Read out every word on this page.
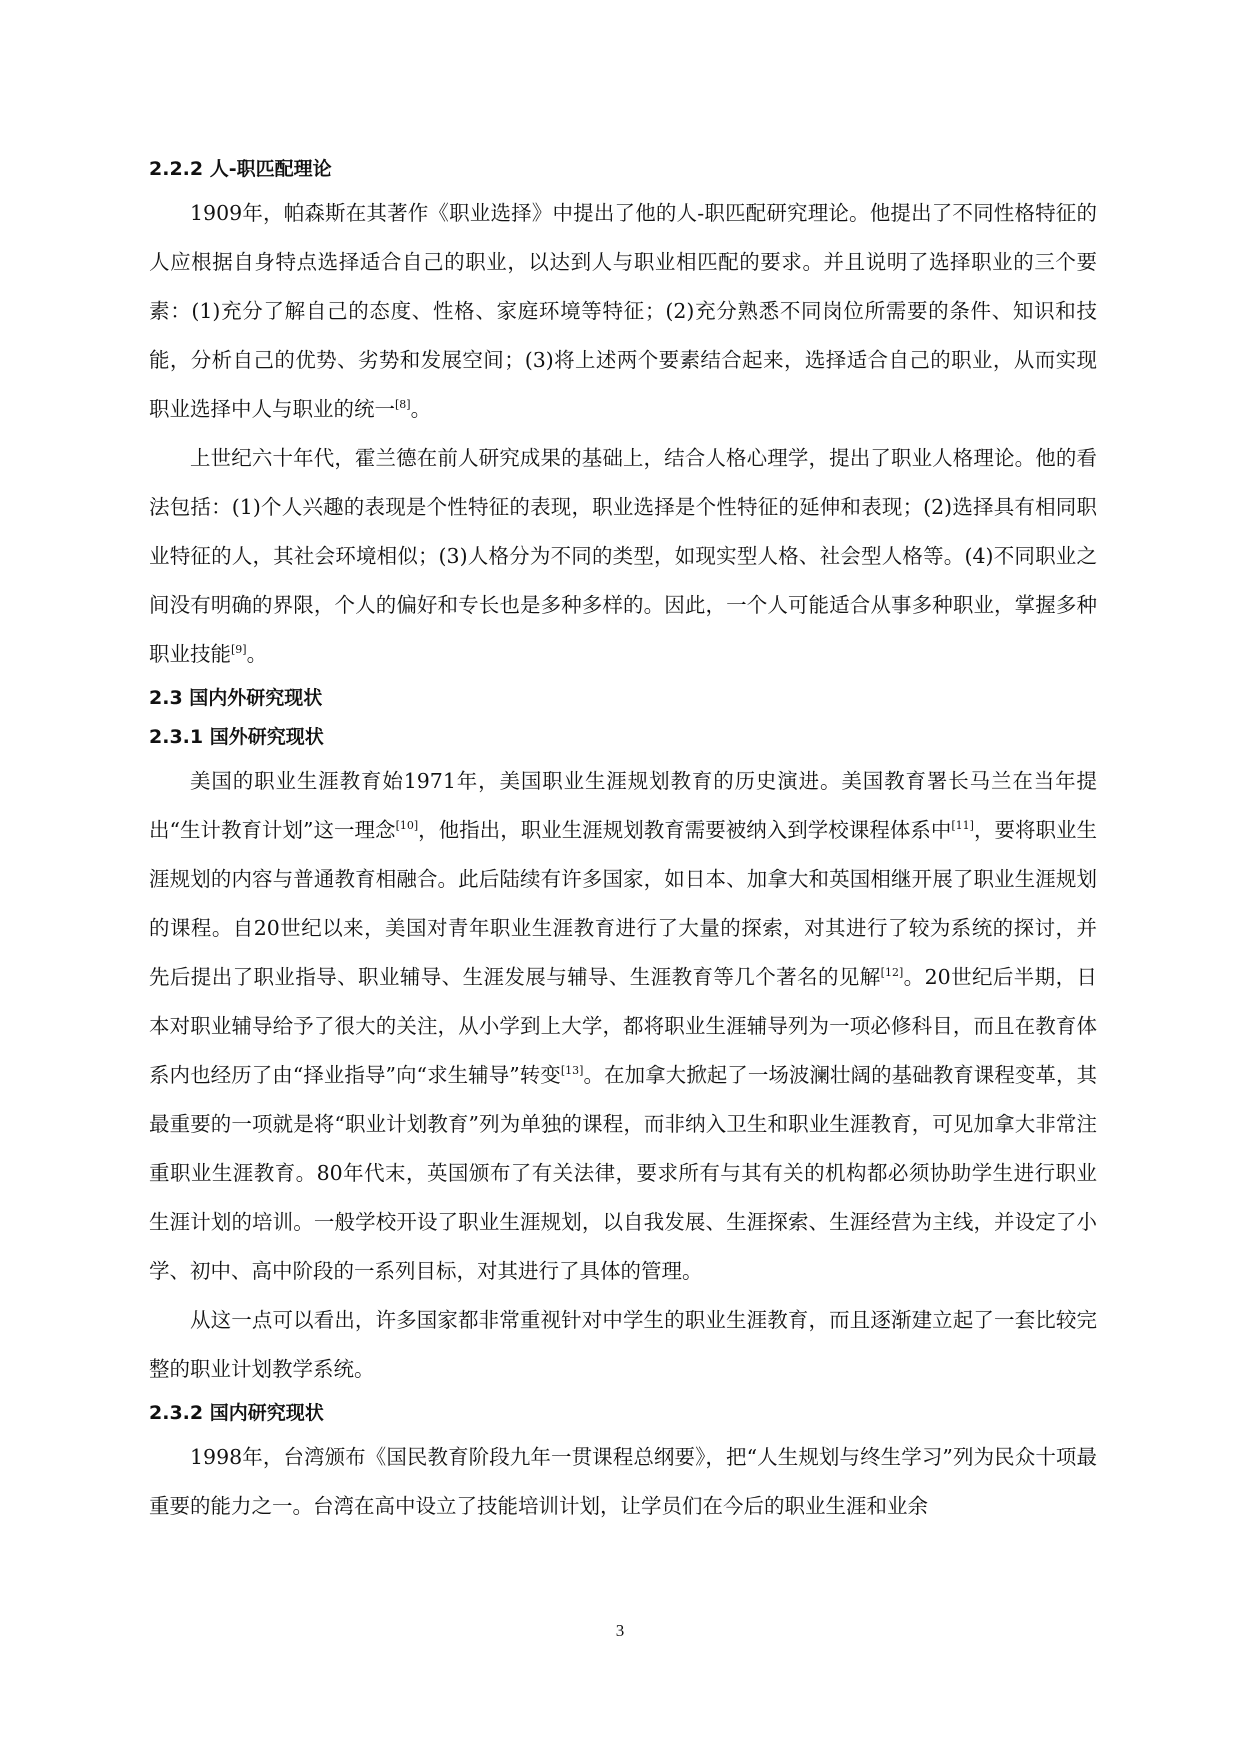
2.2.2 人-职匹配理论

1909年，帕森斯在其著作《职业选择》中提出了他的人-职匹配研究理论。他提出了不同性格特征的人应根据自身特点选择适合自己的职业，以达到人与职业相匹配的要求。并且说明了选择职业的三个要素：(1)充分了解自己的态度、性格、家庭环境等特征；(2)充分熟悉不同岗位所需要的条件、知识和技能，分析自己的优势、劣势和发展空间；(3)将上述两个要素结合起来，选择适合自己的职业，从而实现职业选择中人与职业的统一[8]。

上世纪六十年代，霍兰德在前人研究成果的基础上，结合人格心理学，提出了职业人格理论。他的看法包括：(1)个人兴趣的表现是个性特征的表现，职业选择是个性特征的延伸和表现；(2)选择具有相同职业特征的人，其社会环境相似；(3)人格分为不同的类型，如现实型人格、社会型人格等。(4)不同职业之间没有明确的界限，个人的偏好和专长也是多种多样的。因此，一个人可能适合从事多种职业，掌握多种职业技能[9]。

2.3 国内外研究现状
2.3.1 国外研究现状

美国的职业生涯教育始1971年，美国职业生涯规划教育的历史演进。美国教育署长马兰在当年提出“生计教育计划”这一理念[10]，他指出，职业生涯规划教育需要被纳入到学校课程体系中[11]，要将职业生涯规划的内容与普通教育相融合。此后陆续有许多国家，如日本、加拿大和英国相继开展了职业生涯规划的课程。自20世纪以来，美国对青年职业生涯教育进行了大量的探索，对其进行了较为系统的探讨，并先后提出了职业指导、职业辅导、生涯发展与辅导、生涯教育等几个著名的见解[12]。20世纪后半期，日本对职业辅导给予了很大的关注，从小学到上大学，都将职业生涯辅导列为一项必修科目，而且在教育体系内也经历了由“择业指导”向“求生辅导”转变[13]。在加拿大掀起了一场波澜壮阔的基础教育课程变革，其最重要的一项就是将“职业计划教育”列为单独的课程，而非纳入卫生和职业生涯教育，可见加拿大非常注重职业生涯教育。80年代末，英国颁布了有关法律，要求所有与其有关的机构都必须协助学生进行职业生涯计划的培训。一般学校开设了职业生涯规划，以自我发展、生涯探索、生涯经营为主线，并设定了小学、初中、高中阶段的一系列目标，对其进行了具体的管理。

从这一点可以看出，许多国家都非常重视针对中学生的职业生涯教育，而且逐渐建立起了一套比较完整的职业计划教学系统。

2.3.2 国内研究现状

1998年，台湾颁布《国民教育阶段九年一贯课程总纲要》，把“人生规划与终生学习”列为民众十项最重要的能力之一。台湾在高中设立了技能培训计划，让学员们在今后的职业生涯和业余

3
